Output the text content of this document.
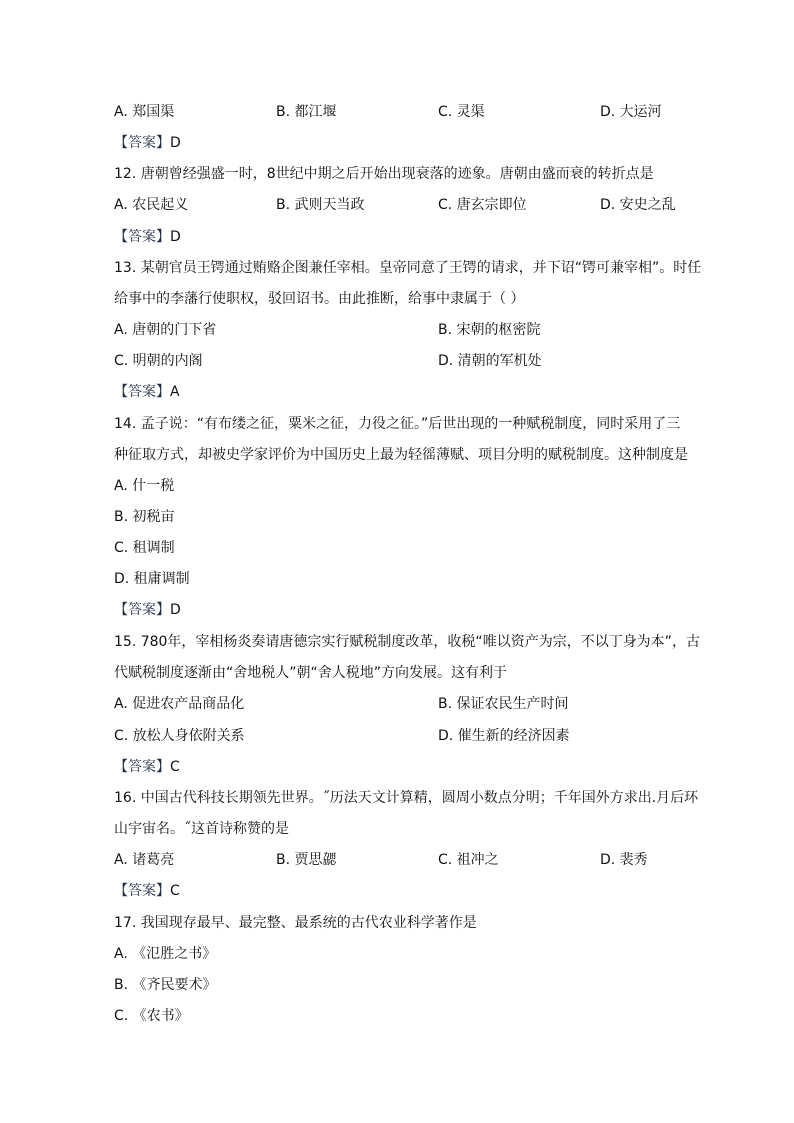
A. 郑国渠	B. 都江堰	C. 灵渠	D. 大运河
【答案】D
12. 唐朝曾经强盛一时，8世纪中期之后开始出现衰落的迹象。唐朝由盛而衰的转折点是
A. 农民起义	B. 武则天当政	C. 唐玄宗即位	D. 安史之乱
【答案】D
13. 某朝官员王锷通过贿赂企图兼任宰相。皇帝同意了王锷的请求，并下诏“锷可兼宰相”。时任
给事中的李藩行使职权，驳回诏书。由此推断，给事中隶属于（ ）
A. 唐朝的门下省	B. 宋朝的枢密院
C. 明朝的内阁	D. 清朝的军机处
【答案】A
14. 孟子说：“有布缕之征，粟米之征，力役之征。”后世出现的一种赋税制度，同时采用了三
种征取方式，却被史学家评价为中国历史上最为轻徭薄赋、项目分明的赋税制度。这种制度是
A. 什一税
B. 初税亩
C. 租调制
D. 租庸调制
【答案】D
15. 780年，宰相杨炎奏请唐德宗实行赋税制度改革，收税“唯以资产为宗，不以丁身为本”，古
代赋税制度逐渐由“舍地税人”朝“舍人税地”方向发展。这有利于
A. 促进农产品商品化	B. 保证农民生产时间
C. 放松人身依附关系	D. 催生新的经济因素
【答案】C
16. 中国古代科技长期领先世界。˝历法天文计算精，圆周小数点分明；千年国外方求出.月后环
山宇宙名。˝这首诗称赞的是
A. 诸葛亮	B. 贾思勰	C. 祖冲之	D. 裴秀
【答案】C
17. 我国现存最早、最完整、最系统的古代农业科学著作是
A. 《氾胜之书》
B. 《齐民要术》
C. 《农书》
